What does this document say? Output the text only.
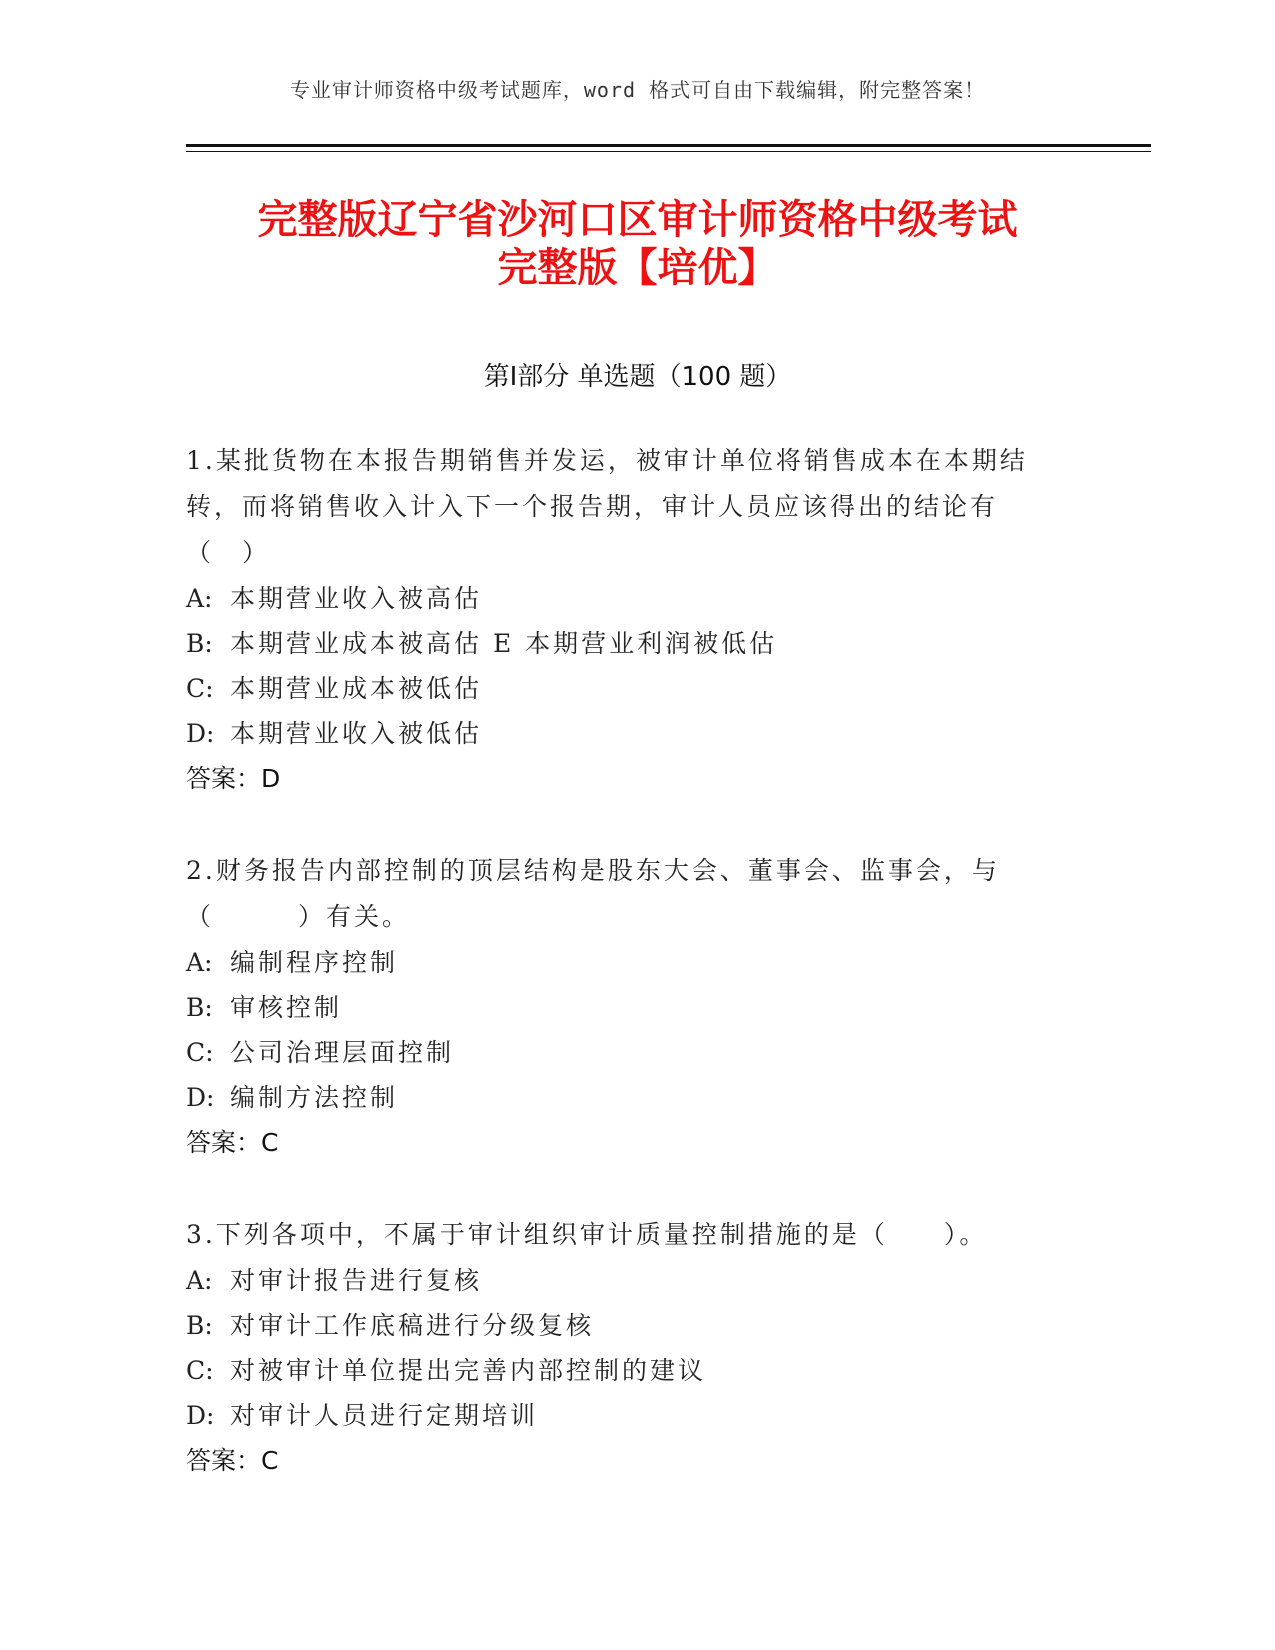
专业审计师资格中级考试题库，word 格式可自由下载编辑，附完整答案！
完整版辽宁省沙河口区审计师资格中级考试
完整版【培优】
第Ⅰ部分 单选题（100 题）
1.某批货物在本报告期销售并发运，被审计单位将销售成本在本期结转，而将销售收入计入下一个报告期，审计人员应该得出的结论有（　）
A: 本期营业收入被高估
B: 本期营业成本被高估 E 本期营业利润被低估
C: 本期营业成本被低估
D: 本期营业收入被低估
答案：D
2.财务报告内部控制的顶层结构是股东大会、董事会、监事会，与（　　　）有关。
A: 编制程序控制
B: 审核控制
C: 公司治理层面控制
D: 编制方法控制
答案：C
3.下列各项中，不属于审计组织审计质量控制措施的是（　　）。
A: 对审计报告进行复核
B: 对审计工作底稿进行分级复核
C: 对被审计单位提出完善内部控制的建议
D: 对审计人员进行定期培训
答案：C
